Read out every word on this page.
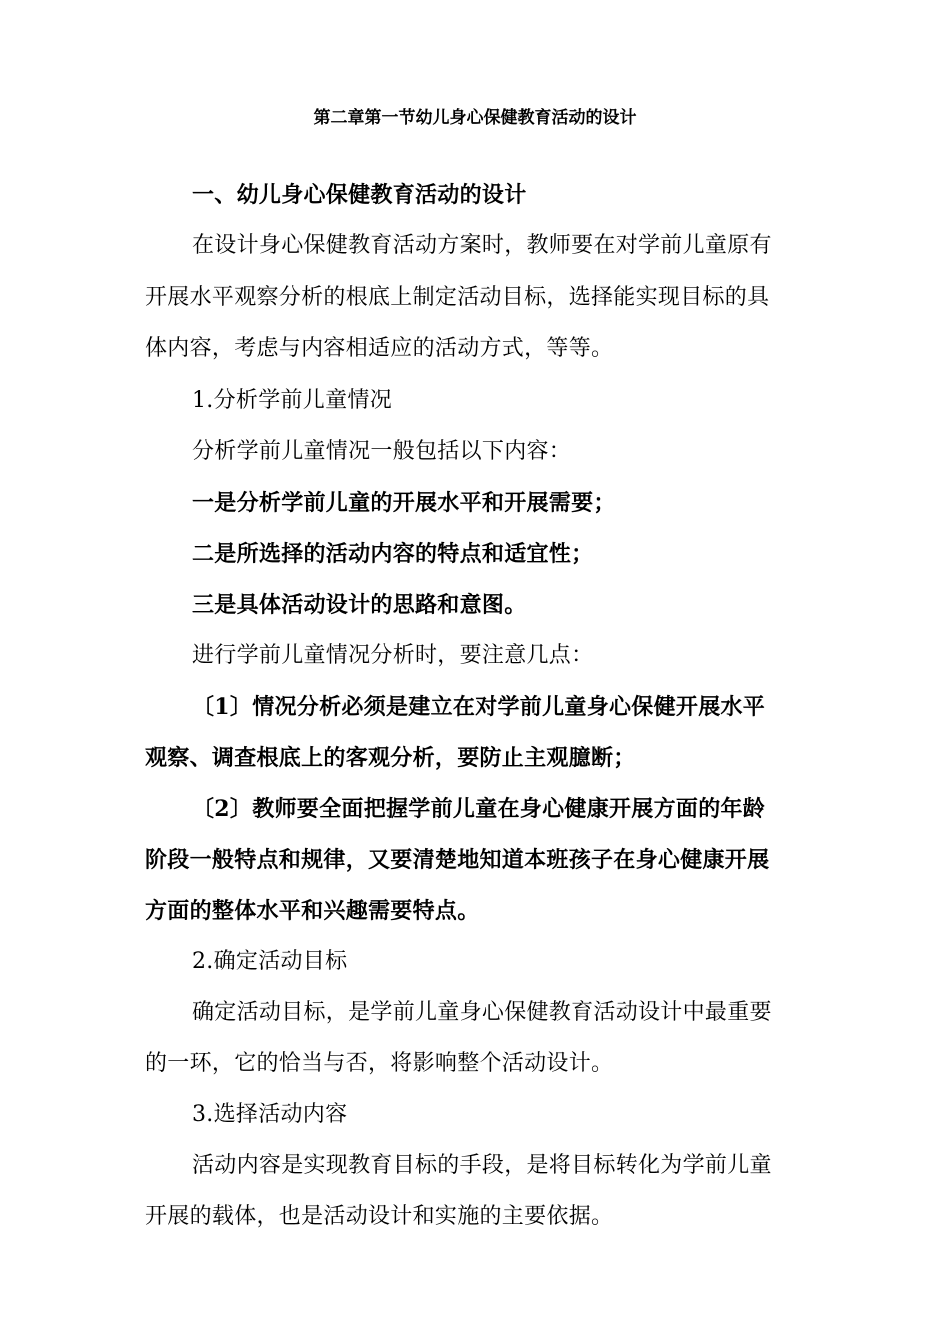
第二章第一节幼儿身心保健教育活动的设计
一、幼儿身心保健教育活动的设计
在设计身心保健教育活动方案时，教师要在对学前儿童原有
开展水平观察分析的根底上制定活动目标，选择能实现目标的具
体内容，考虑与内容相适应的活动方式，等等。
1.分析学前儿童情况
分析学前儿童情况一般包括以下内容：
一是分析学前儿童的开展水平和开展需要；
二是所选择的活动内容的特点和适宜性；
三是具体活动设计的思路和意图。
进行学前儿童情况分析时，要注意几点：
〔1〕情况分析必须是建立在对学前儿童身心保健开展水平
观察、调查根底上的客观分析，要防止主观臆断；
〔2〕教师要全面把握学前儿童在身心健康开展方面的年龄
阶段一般特点和规律，又要清楚地知道本班孩子在身心健康开展
方面的整体水平和兴趣需要特点。
2.确定活动目标
确定活动目标，是学前儿童身心保健教育活动设计中最重要
的一环，它的恰当与否，将影响整个活动设计。
3.选择活动内容
活动内容是实现教育目标的手段，是将目标转化为学前儿童
开展的载体，也是活动设计和实施的主要依据。
